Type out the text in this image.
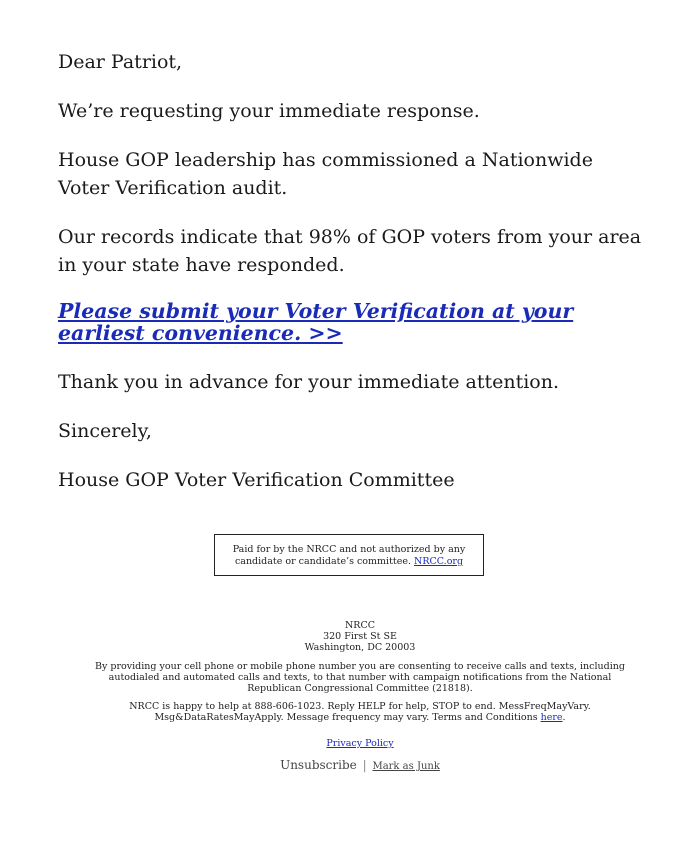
Dear Patriot,

We’re requesting your immediate response.

House GOP leadership has commissioned a Nationwide Voter Verification audit.

Our records indicate that 98% of GOP voters from your area in your state have responded.

Please submit your Voter Verification at your earliest convenience. >>

Thank you in advance for your immediate attention.

Sincerely,

House GOP Voter Verification Committee

Paid for by the NRCC and not authorized by any candidate or candidate’s committee. NRCC.org
NRCC
320 First St SE
Washington, DC 20003
By providing your cell phone or mobile phone number you are consenting to receive calls and texts, including autodialed and automated calls and texts, to that number with campaign notifications from the National Republican Congressional Committee (21818).
NRCC is happy to help at 888-606-1023. Reply HELP for help, STOP to end. MessFreqMayVary. Msg&DataRatesMayApply. Message frequency may vary. Terms and Conditions here.
Privacy Policy
Unsubscribe | Mark as Junk
